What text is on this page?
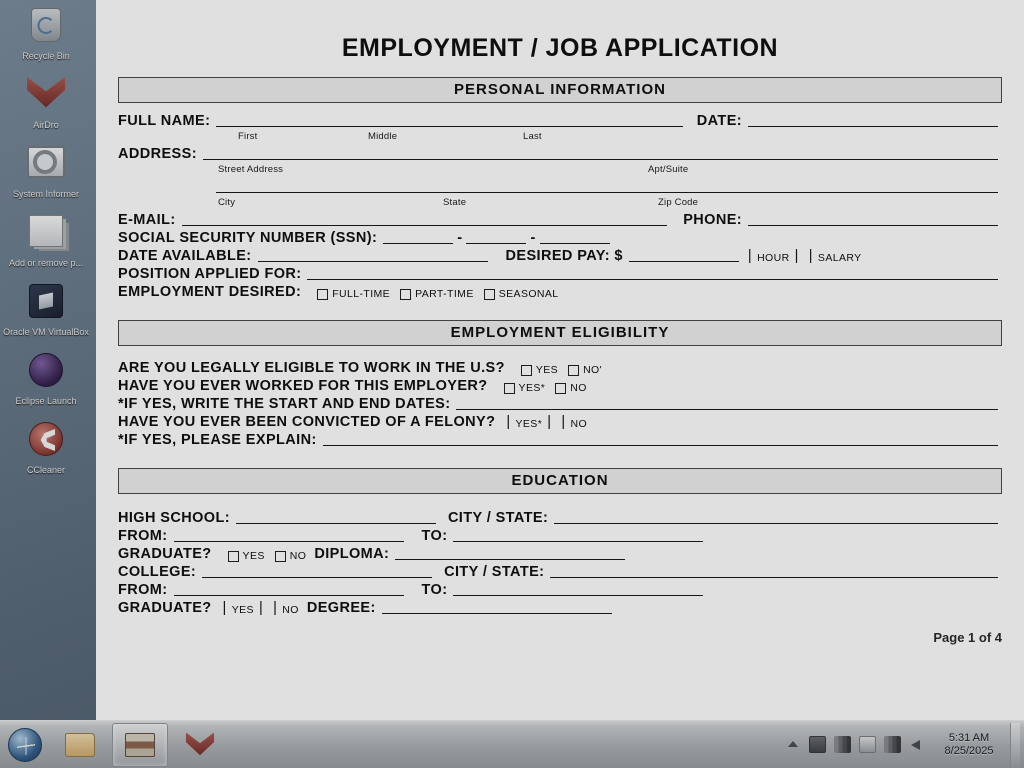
Recycle Bin
AirDro
System Informer
Add or remove p...
Oracle VM VirtualBox
Eclipse Launch
CCleaner
EMPLOYMENT / JOB APPLICATION
PERSONAL INFORMATION
FULL NAME:	DATE:
First	Middle	Last
ADDRESS:
Street Address	Apt/Suite
City	State	Zip Code
E-MAIL:	PHONE:
SOCIAL SECURITY NUMBER (SSN):	-	-
DATE AVAILABLE:	DESIRED PAY: $	| HOUR | | SALARY
POSITION APPLIED FOR:
EMPLOYMENT DESIRED:	FULL-TIME PART-TIME SEASONAL
EMPLOYMENT ELIGIBILITY
ARE YOU LEGALLY ELIGIBLE TO WORK IN THE U.S?	YES NO'
HAVE YOU EVER WORKED FOR THIS EMPLOYER?	YES* NO
*IF YES, WRITE THE START AND END DATES:
HAVE YOU EVER BEEN CONVICTED OF A FELONY? | YES* | | NO
*IF YES, PLEASE EXPLAIN:
EDUCATION
HIGH SCHOOL:	CITY / STATE:
FROM:	TO:
GRADUATE?	YES NO DIPLOMA:
COLLEGE:	CITY / STATE:
FROM:	TO:
GRADUATE? | YES | | NO DEGREE:
Page 1 of 4
5:31 AM
8/25/2025
